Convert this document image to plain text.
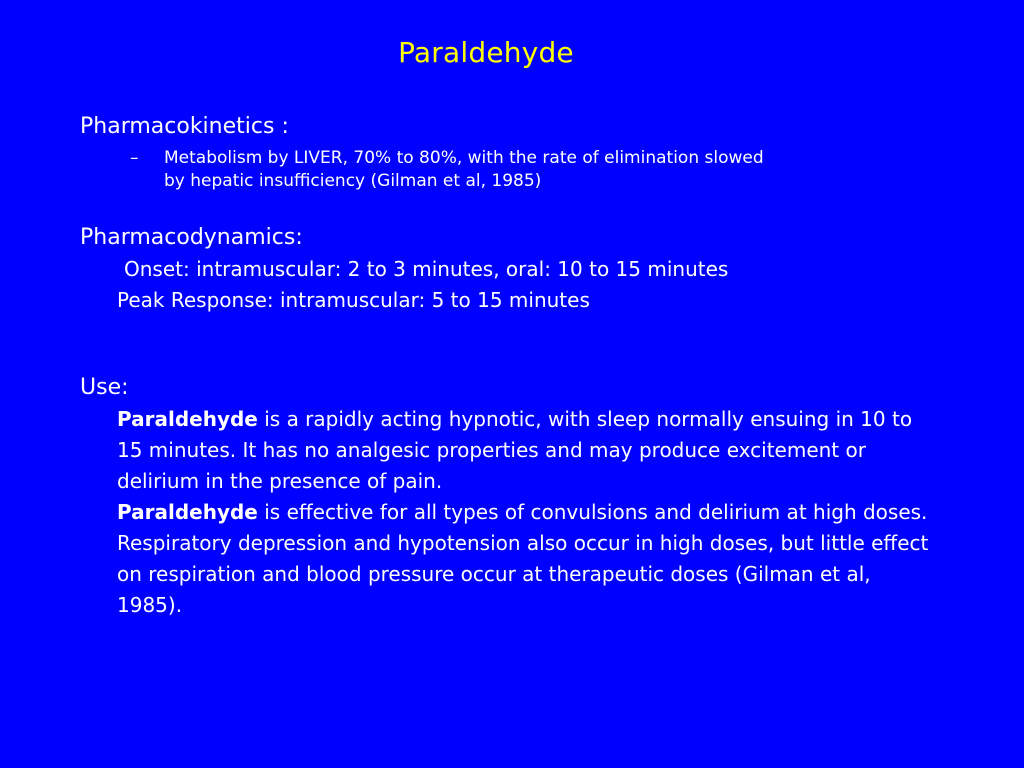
Paraldehyde
Pharmacokinetics :
– Metabolism by LIVER, 70% to 80%, with the rate of elimination slowed
by hepatic insufficiency (Gilman et al, 1985)
Pharmacodynamics:
Onset: intramuscular: 2 to 3 minutes, oral: 10 to 15 minutes
Peak Response: intramuscular: 5 to 15 minutes
Use:
Paraldehyde is a rapidly acting hypnotic, with sleep normally ensuing in 10 to 15 minutes. It has no analgesic properties and may produce excitement or delirium in the presence of pain.
Paraldehyde is effective for all types of convulsions and delirium at high doses. Respiratory depression and hypotension also occur in high doses, but little effect on respiration and blood pressure occur at therapeutic doses (Gilman et al, 1985).
